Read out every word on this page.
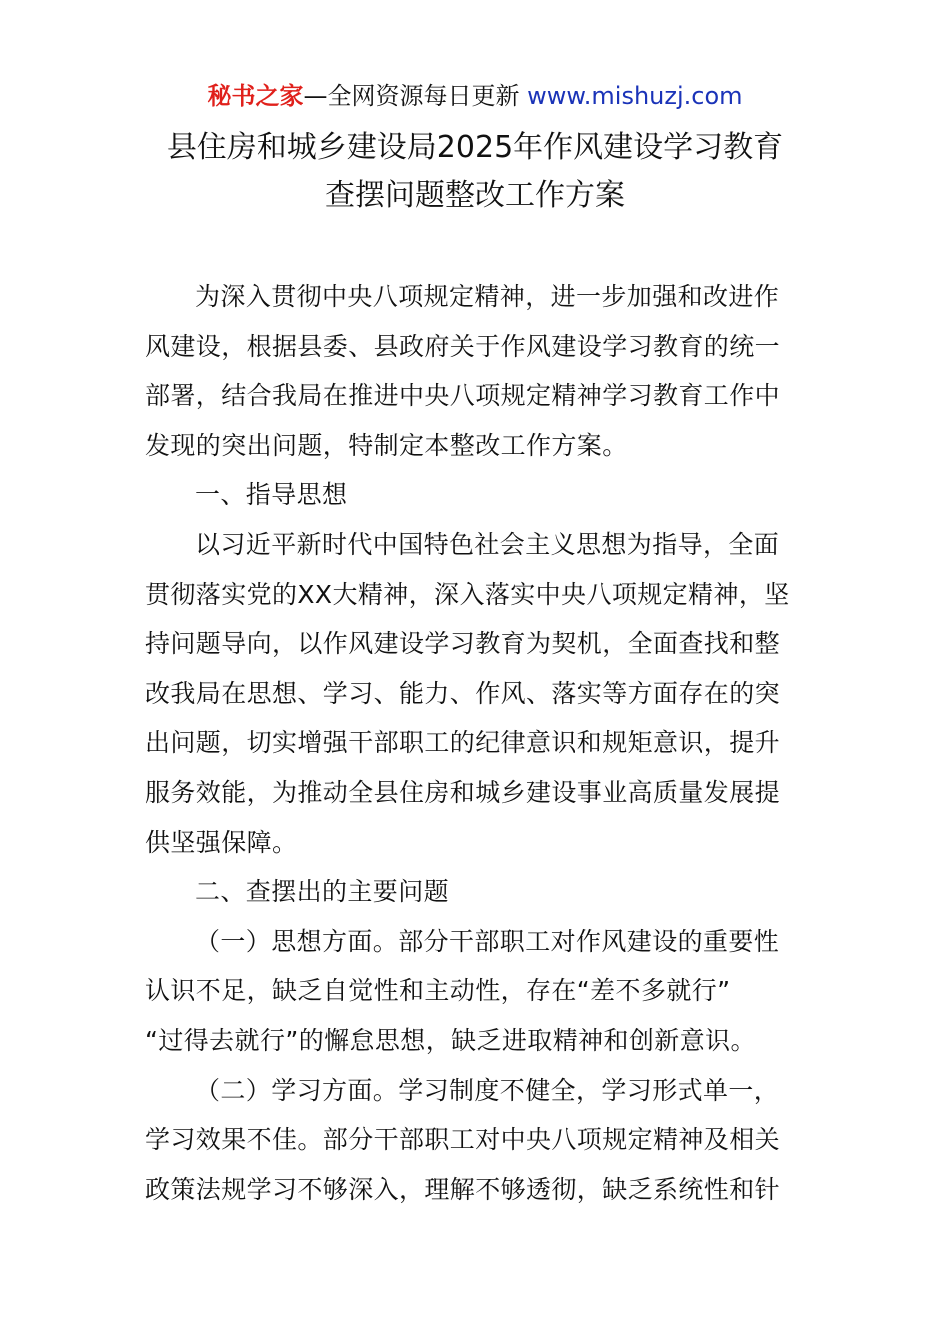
秘书之家—全网资源每日更新 www.mishuzj.com
县住房和城乡建设局2025年作风建设学习教育
查摆问题整改工作方案
为深入贯彻中央八项规定精神，进一步加强和改进作
风建设，根据县委、县政府关于作风建设学习教育的统一
部署，结合我局在推进中央八项规定精神学习教育工作中
发现的突出问题，特制定本整改工作方案。
一、指导思想
以习近平新时代中国特色社会主义思想为指导，全面
贯彻落实党的XX大精神，深入落实中央八项规定精神，坚
持问题导向，以作风建设学习教育为契机，全面查找和整
改我局在思想、学习、能力、作风、落实等方面存在的突
出问题，切实增强干部职工的纪律意识和规矩意识，提升
服务效能，为推动全县住房和城乡建设事业高质量发展提
供坚强保障。
二、查摆出的主要问题
（一）思想方面。部分干部职工对作风建设的重要性
认识不足，缺乏自觉性和主动性，存在“差不多就行”
“过得去就行”的懈怠思想，缺乏进取精神和创新意识。
（二）学习方面。学习制度不健全，学习形式单一，
学习效果不佳。部分干部职工对中央八项规定精神及相关
政策法规学习不够深入，理解不够透彻，缺乏系统性和针
